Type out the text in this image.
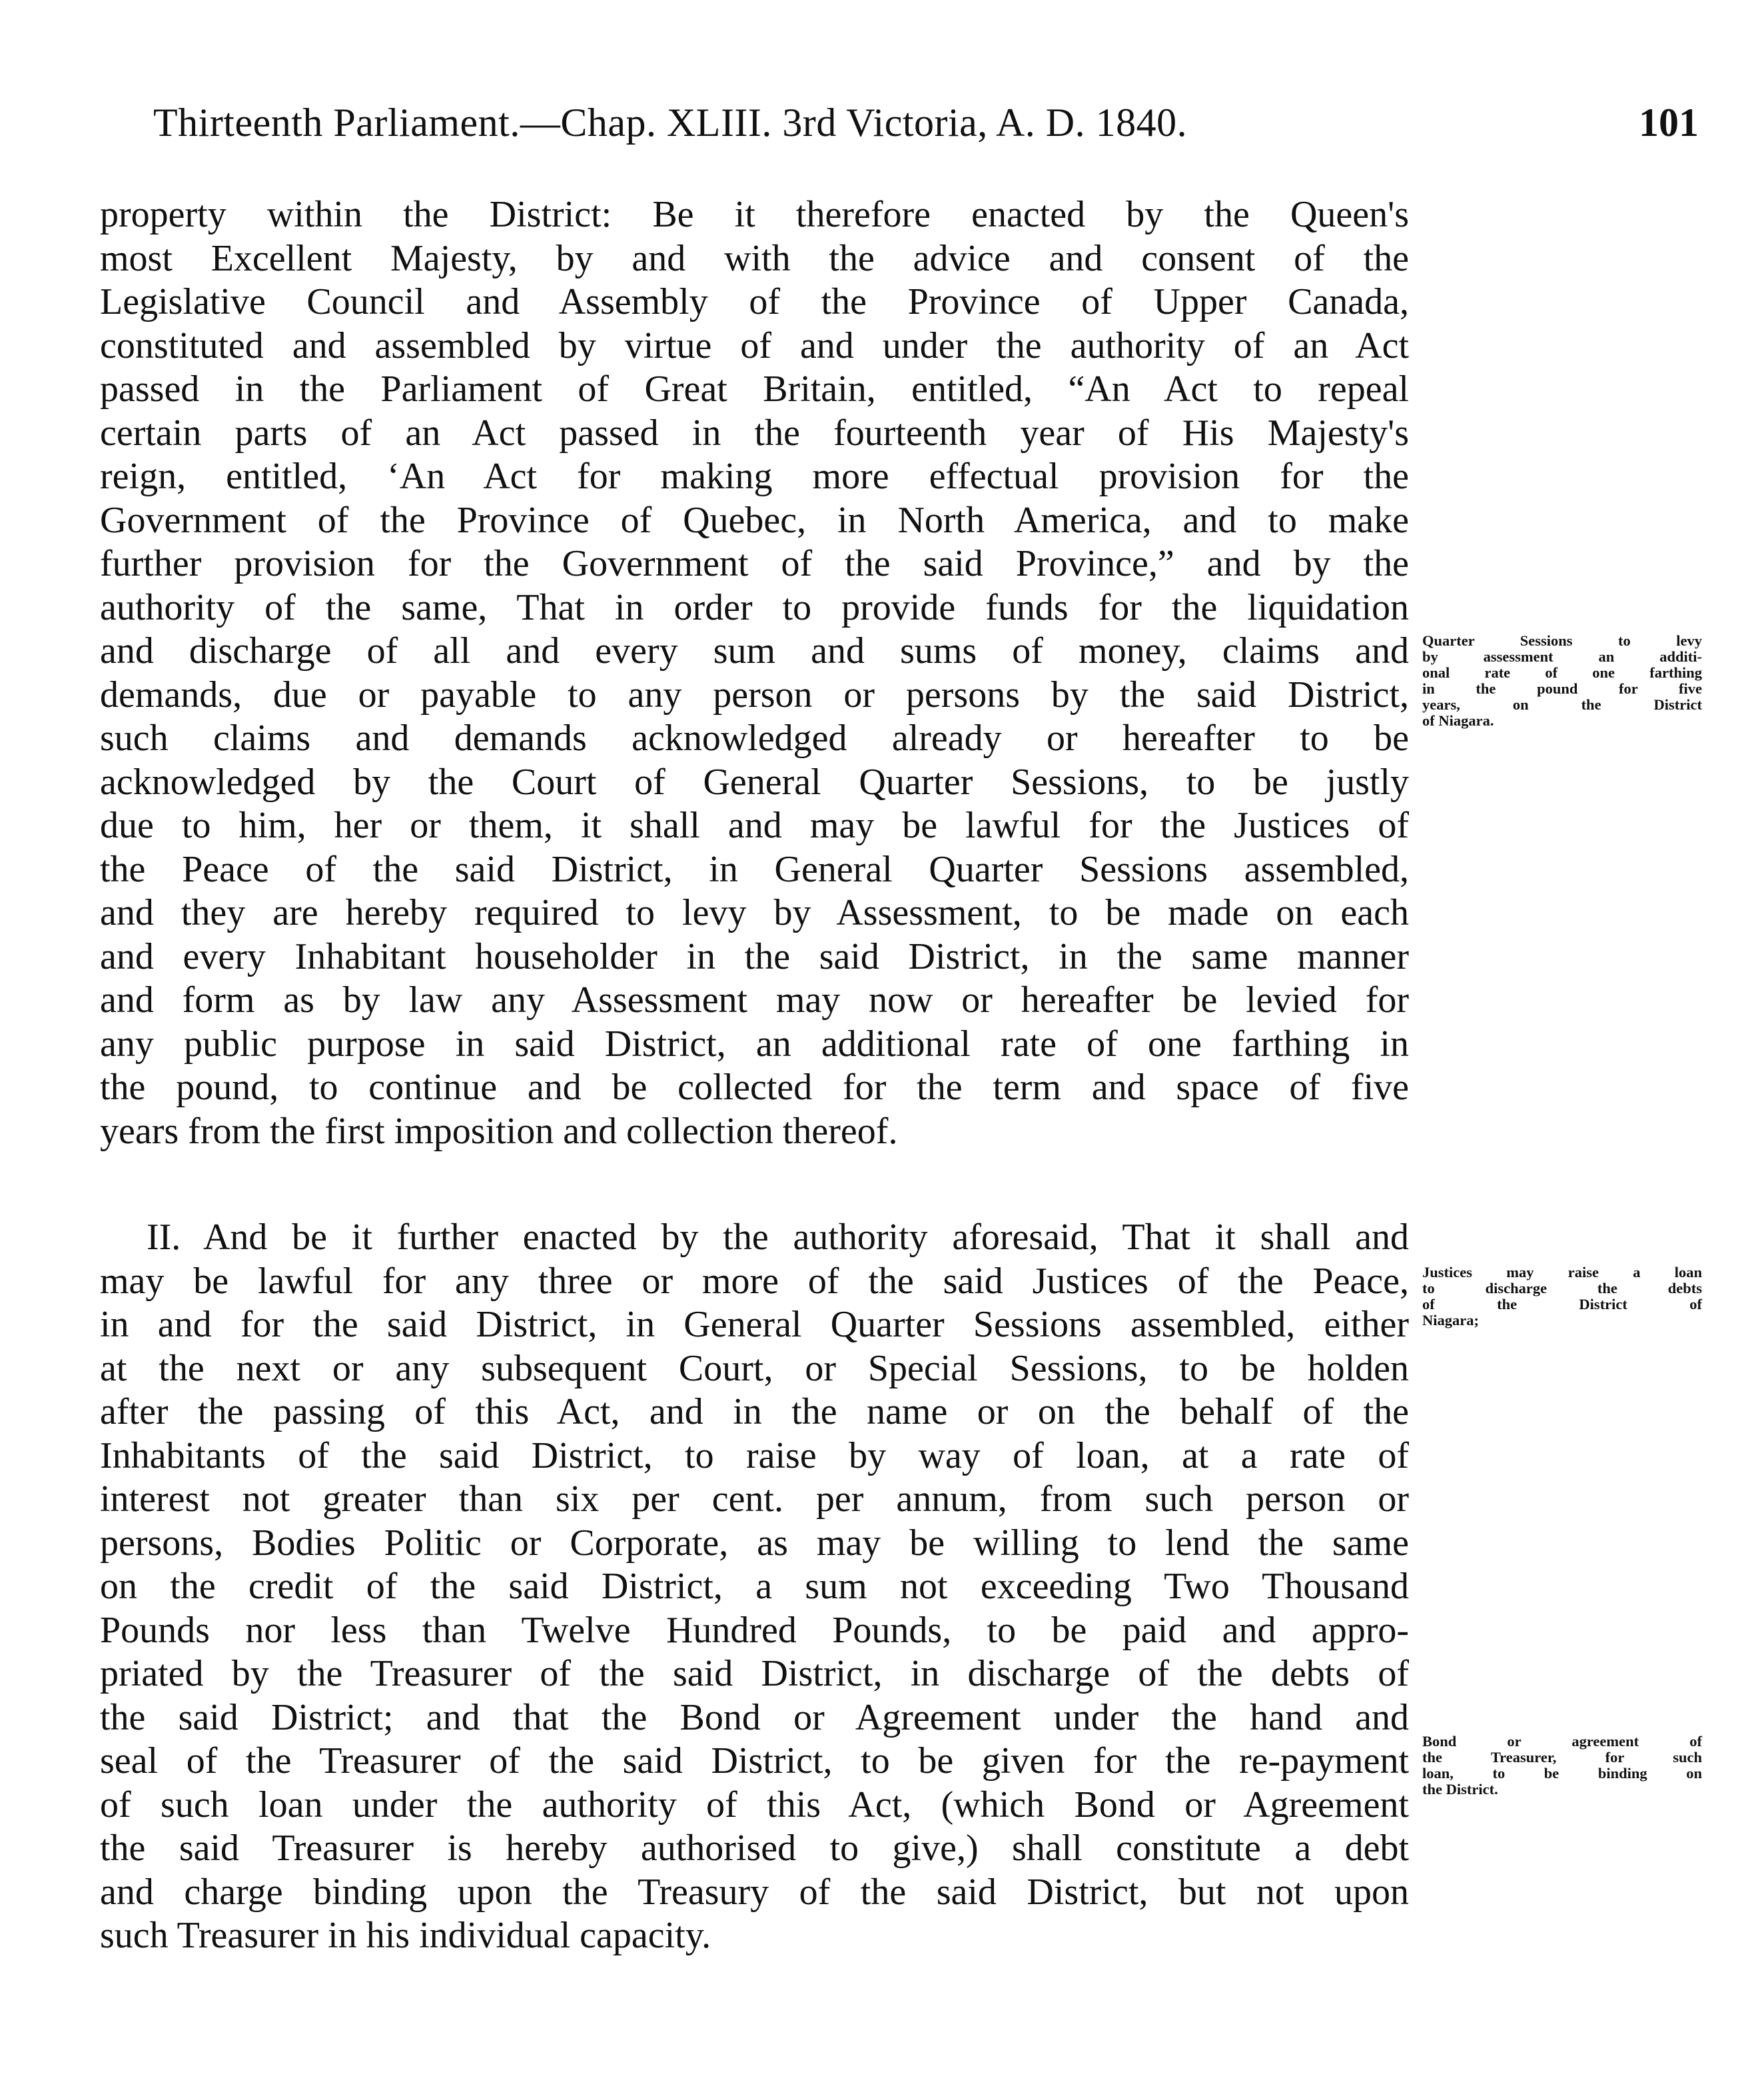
Thirteenth Parliament.—Chap. XLIII. 3rd Victoria, A. D. 1840.	101
property within the District: Be it therefore enacted by the Queen's
most Excellent Majesty, by and with the advice and consent of the
Legislative Council and Assembly of the Province of Upper Canada,
constituted and assembled by virtue of and under the authority of an Act
passed in the Parliament of Great Britain, entitled, “An Act to repeal
certain parts of an Act passed in the fourteenth year of His Majesty's
reign, entitled, ‘An Act for making more effectual provision for the
Government of the Province of Quebec, in North America, and to make
further provision for the Government of the said Province,” and by the
authority of the same, That in order to provide funds for the liquidation
and discharge of all and every sum and sums of money, claims and
demands, due or payable to any person or persons by the said District,
such claims and demands acknowledged already or hereafter to be
acknowledged by the Court of General Quarter Sessions, to be justly
due to him, her or them, it shall and may be lawful for the Justices of
the Peace of the said District, in General Quarter Sessions assembled,
and they are hereby required to levy by Assessment, to be made on each
and every Inhabitant householder in the said District, in the same manner
and form as by law any Assessment may now or hereafter be levied for
any public purpose in said District, an additional rate of one farthing in
the pound, to continue and be collected for the term and space of five
years from the first imposition and collection thereof.
II. And be it further enacted by the authority aforesaid, That it shall and
may be lawful for any three or more of the said Justices of the Peace,
in and for the said District, in General Quarter Sessions assembled, either
at the next or any subsequent Court, or Special Sessions, to be holden
after the passing of this Act, and in the name or on the behalf of the
Inhabitants of the said District, to raise by way of loan, at a rate of
interest not greater than six per cent. per annum, from such person or
persons, Bodies Politic or Corporate, as may be willing to lend the same
on the credit of the said District, a sum not exceeding Two Thousand
Pounds nor less than Twelve Hundred Pounds, to be paid and appro-
priated by the Treasurer of the said District, in discharge of the debts of
the said District; and that the Bond or Agreement under the hand and
seal of the Treasurer of the said District, to be given for the re-payment
of such loan under the authority of this Act, (which Bond or Agreement
the said Treasurer is hereby authorised to give,) shall constitute a debt
and charge binding upon the Treasury of the said District, but not upon
such Treasurer in his individual capacity.
Quarter Sessions to levy
by assessment an additi-
onal rate of one farthing
in the pound for five
years, on the District
of Niagara.
Justices may raise a loan
to discharge the debts
of the District of
Niagara;
Bond or agreement of
the Treasurer, for such
loan, to be binding on
the District.
